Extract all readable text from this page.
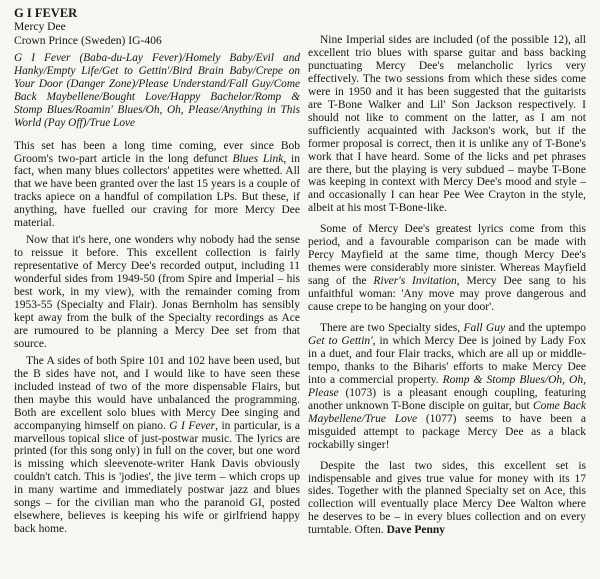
G I FEVER
Mercy Dee
Crown Prince (Sweden) IG-406
G I Fever (Baba-du-Lay Fever)/Homely Baby/Evil and Hanky/Empty Life/Get to Gettin'/Bird Brain Baby/Crepe on Your Door (Danger Zone)/Please Understand/Fall Guy/Come Back Maybellene/Bought Love/Happy Bachelor/Romp & Stomp Blues/Roamin' Blues/Oh, Oh, Please/Anything in This World (Pay Off)/True Love

This set has been a long time coming, ever since Bob Groom's two-part article in the long defunct Blues Link, in fact, when many blues collectors' appetites were whetted. All that we have been granted over the last 15 years is a couple of tracks apiece on a handful of compilation LPs. But these, if anything, have fuelled our craving for more Mercy Dee material.

Now that it's here, one wonders why nobody had the sense to reissue it before. This excellent collection is fairly representative of Mercy Dee's recorded output, including 11 wonderful sides from 1949-50 (from Spire and Imperial – his best work, in my view), with the remainder coming from 1953-55 (Specialty and Flair). Jonas Bernholm has sensibly kept away from the bulk of the Specialty recordings as Ace are rumoured to be planning a Mercy Dee set from that source.

The A sides of both Spire 101 and 102 have been used, but the B sides have not, and I would like to have seen these included instead of two of the more dispensable Flairs, but then maybe this would have unbalanced the programming. Both are excellent solo blues with Mercy Dee singing and accompanying himself on piano. G I Fever, in particular, is a marvellous topical slice of just-postwar music. The lyrics are printed (for this song only) in full on the cover, but one word is missing which sleevenote-writer Hank Davis obviously couldn't catch. This is 'jodies', the jive term – which crops up in many wartime and immediately postwar jazz and blues songs – for the civilian man who the paranoid GI, posted elsewhere, believes is keeping his wife or girlfriend happy back home.

Nine Imperial sides are included (of the possible 12), all excellent trio blues with sparse guitar and bass backing punctuating Mercy Dee's melancholic lyrics very effectively. The two sessions from which these sides come were in 1950 and it has been suggested that the guitarists are T-Bone Walker and Lil' Son Jackson respectively. I should not like to comment on the latter, as I am not sufficiently acquainted with Jackson's work, but if the former proposal is correct, then it is unlike any of T-Bone's work that I have heard. Some of the licks and pet phrases are there, but the playing is very subdued – maybe T-Bone was keeping in context with Mercy Dee's mood and style – and occasionally I can hear Pee Wee Crayton in the style, albeit at his most T-Bone-like.

Some of Mercy Dee's greatest lyrics come from this period, and a favourable comparison can be made with Percy Mayfield at the same time, though Mercy Dee's themes were considerably more sinister. Whereas Mayfield sang of the River's Invitation, Mercy Dee sang to his unfaithful woman: 'Any move may prove dangerous and cause crepe to be hanging on your door'.

There are two Specialty sides, Fall Guy and the uptempo Get to Gettin', in which Mercy Dee is joined by Lady Fox in a duet, and four Flair tracks, which are all up or middle-tempo, thanks to the Biharis' efforts to make Mercy Dee into a commercial property. Romp & Stomp Blues/Oh, Oh, Please (1073) is a pleasant enough coupling, featuring another unknown T-Bone disciple on guitar, but Come Back Maybellene/True Love (1077) seems to have been a misguided attempt to package Mercy Dee as a black rockabilly singer!

Despite the last two sides, this excellent set is indispensable and gives true value for money with its 17 sides. Together with the planned Specialty set on Ace, this collection will eventually place Mercy Dee Walton where he deserves to be – in every blues collection and on every turntable. Often. Dave Penny
